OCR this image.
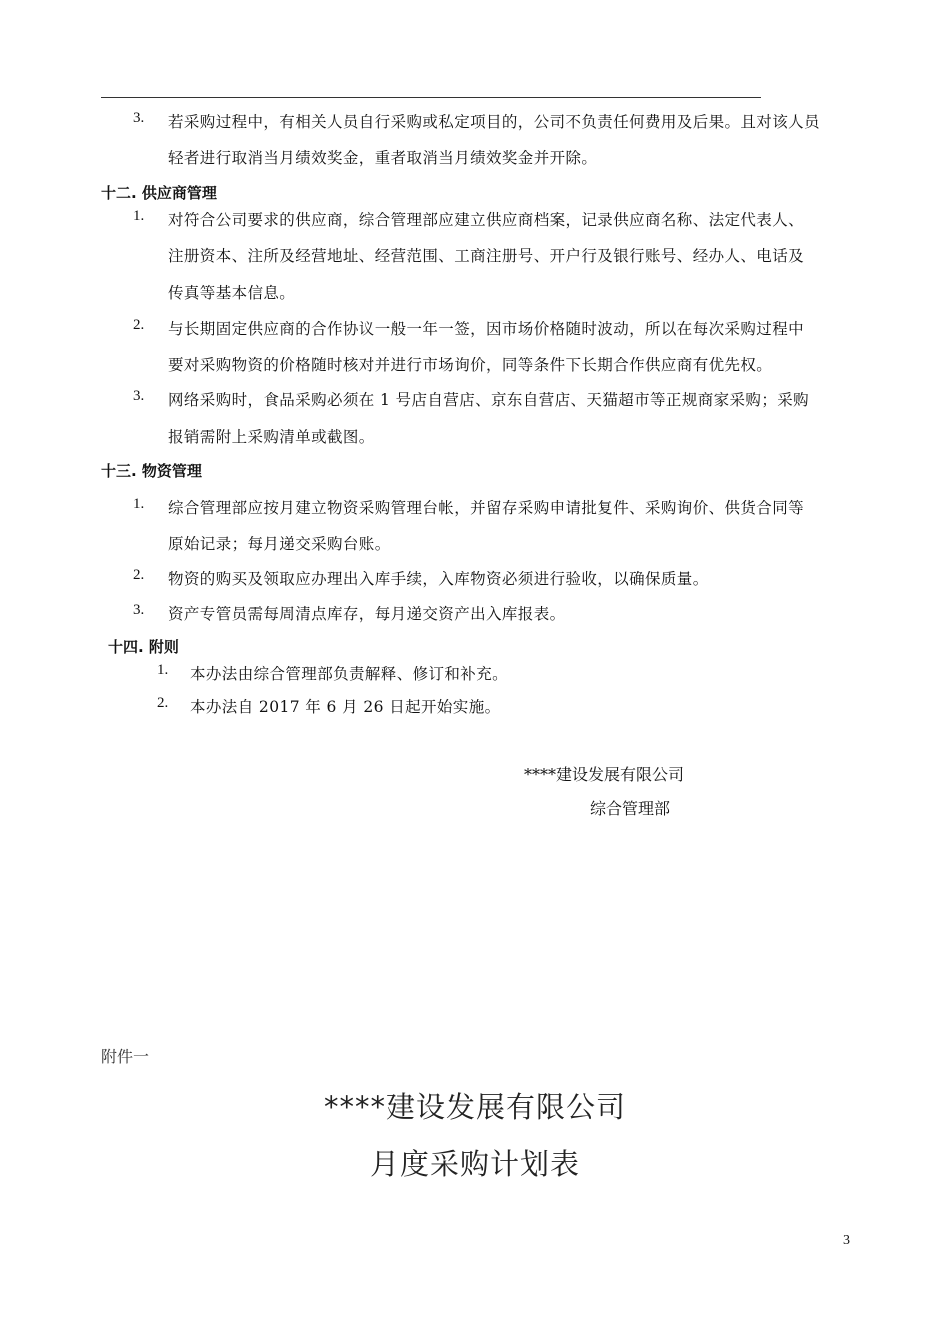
3. 若采购过程中，有相关人员自行采购或私定项目的，公司不负责任何费用及后果。且对该人员
轻者进行取消当月绩效奖金，重者取消当月绩效奖金并开除。
十二. 供应商管理
1. 对符合公司要求的供应商，综合管理部应建立供应商档案，记录供应商名称、法定代表人、
注册资本、注所及经营地址、经营范围、工商注册号、开户行及银行账号、经办人、电话及
传真等基本信息。
2. 与长期固定供应商的合作协议一般一年一签，因市场价格随时波动，所以在每次采购过程中
要对采购物资的价格随时核对并进行市场询价，同等条件下长期合作供应商有优先权。
3. 网络采购时，食品采购必须在 1 号店自营店、京东自营店、天猫超市等正规商家采购；采购
报销需附上采购清单或截图。
十三. 物资管理
1. 综合管理部应按月建立物资采购管理台帐，并留存采购申请批复件、采购询价、供货合同等
原始记录；每月递交采购台账。
2. 物资的购买及领取应办理出入库手续，入库物资必须进行验收，以确保质量。
3. 资产专管员需每周清点库存，每月递交资产出入库报表。
十四. 附则
1. 本办法由综合管理部负责解释、修订和补充。
2. 本办法自 2017 年 6 月 26 日起开始实施。
****建设发展有限公司
综合管理部
附件一
****建设发展有限公司
月度采购计划表
3
